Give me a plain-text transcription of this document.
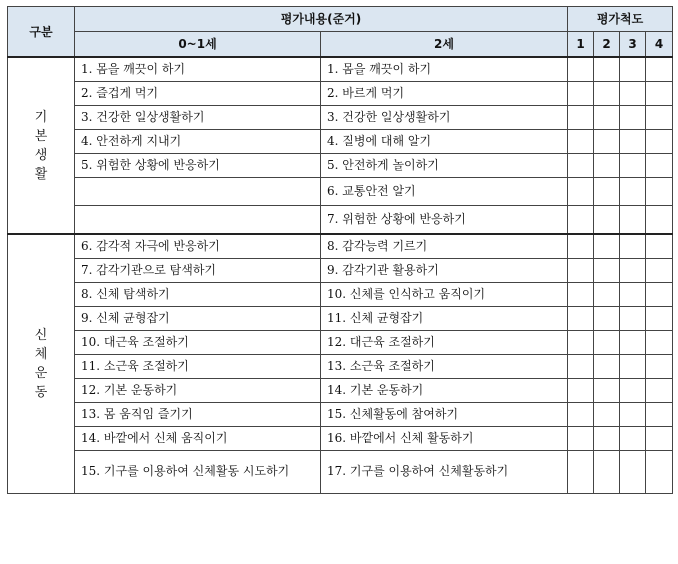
구분	평가내용(준거)		평가척도			
	0~1세	2세	1	2	3	4

기
본
생
활	1. 몸을 깨끗이 하기	1. 몸을 깨끗이 하기				
	2. 즐겁게 먹기	2. 바르게 먹기				
	3. 건강한 일상생활하기	3. 건강한 일상생활하기				
	4. 안전하게 지내기	4. 질병에 대해 알기				
	5. 위험한 상황에 반응하기	5. 안전하게 놀이하기				
		6. 교통안전 알기				
		7. 위험한 상황에 반응하기				

신
체
운
동	6. 감각적 자극에 반응하기	8. 감각능력 기르기				
	7. 감각기관으로 탐색하기	9. 감각기관 활용하기				
	8. 신체 탐색하기	10. 신체를 인식하고 움직이기				
	9. 신체 균형잡기	11. 신체 균형잡기				
	10. 대근육 조절하기	12. 대근육 조절하기				
	11. 소근육 조절하기	13. 소근육 조절하기				
	12. 기본 운동하기	14. 기본 운동하기				
	13. 몸 움직임 즐기기	15. 신체활동에 참여하기				
	14. 바깥에서 신체 움직이기	16. 바깥에서 신체 활동하기				
	15. 기구를 이용하여 신체활동 시도하기	17. 기구를 이용하여 신체활동하기				
